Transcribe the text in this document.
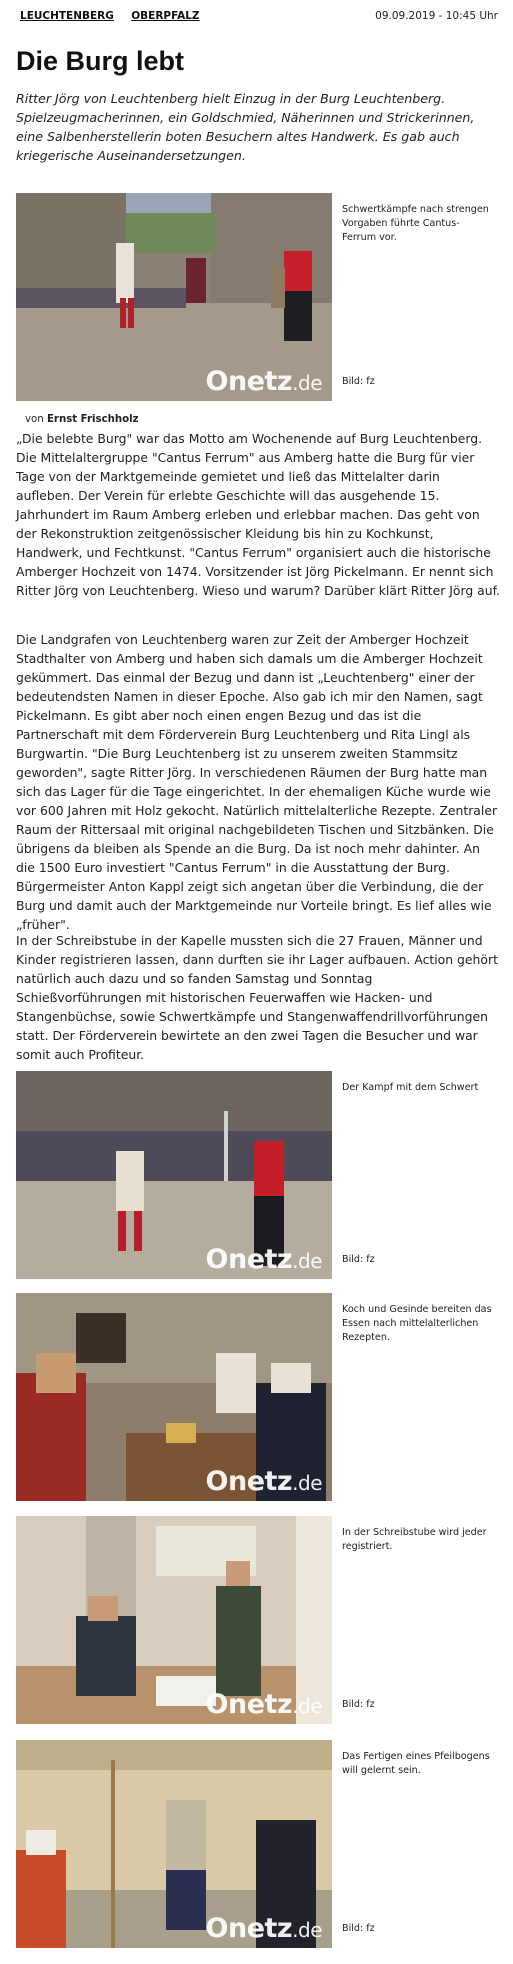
LEUCHTENBERG OBERPFALZ	09.09.2019 - 10:45 Uhr
Die Burg lebt

Ritter Jörg von Leuchtenberg hielt Einzug in der Burg Leuchtenberg. Spielzeugmacherinnen, ein Goldschmied, Näherinnen und Strickerinnen, eine Salbenherstellerin boten Besuchern altes Handwerk. Es gab auch kriegerische Auseinandersetzungen.

Onetz.de
Schwertkämpfe nach strengen Vorgaben führte Cantus-Ferrum vor.
Bild: fz
von Ernst Frischholz

„Die belebte Burg" war das Motto am Wochenende auf Burg Leuchtenberg. Die Mittelaltergruppe "Cantus Ferrum" aus Amberg hatte die Burg für vier Tage von der Marktgemeinde gemietet und ließ das Mittelalter darin aufleben. Der Verein für erlebte Geschichte will das ausgehende 15. Jahrhundert im Raum Amberg erleben und erlebbar machen. Das geht von der Rekonstruktion zeitgenössischer Kleidung bis hin zu Kochkunst, Handwerk, und Fechtkunst. "Cantus Ferrum" organisiert auch die historische Amberger Hochzeit von 1474. Vorsitzender ist Jörg Pickelmann. Er nennt sich Ritter Jörg von Leuchtenberg. Wieso und warum? Darüber klärt Ritter Jörg auf.

Die Landgrafen von Leuchtenberg waren zur Zeit der Amberger Hochzeit Stadthalter von Amberg und haben sich damals um die Amberger Hochzeit gekümmert. Das einmal der Bezug und dann ist „Leuchtenberg" einer der bedeutendsten Namen in dieser Epoche. Also gab ich mir den Namen, sagt Pickelmann. Es gibt aber noch einen engen Bezug und das ist die Partnerschaft mit dem Förderverein Burg Leuchtenberg und Rita Lingl als Burgwartin. "Die Burg Leuchtenberg ist zu unserem zweiten Stammsitz geworden", sagte Ritter Jörg. In verschiedenen Räumen der Burg hatte man sich das Lager für die Tage eingerichtet. In der ehemaligen Küche wurde wie vor 600 Jahren mit Holz gekocht. Natürlich mittelalterliche Rezepte. Zentraler Raum der Rittersaal mit original nachgebildeten Tischen und Sitzbänken. Die übrigens da bleiben als Spende an die Burg. Da ist noch mehr dahinter. An die 1500 Euro investiert "Cantus Ferrum" in die Ausstattung der Burg. Bürgermeister Anton Kappl zeigt sich angetan über die Verbindung, die der Burg und damit auch der Marktgemeinde nur Vorteile bringt. Es lief alles wie „früher".

In der Schreibstube in der Kapelle mussten sich die 27 Frauen, Männer und Kinder registrieren lassen, dann durften sie ihr Lager aufbauen. Action gehört natürlich auch dazu und so fanden Samstag und Sonntag Schießvorführungen mit historischen Feuerwaffen wie Hacken- und Stangenbüchse, sowie Schwertkämpfe und Stangenwaffendrillvorführungen statt. Der Förderverein bewirtete an den zwei Tagen die Besucher und war somit auch Profiteur.

Onetz.de
Der Kampf mit dem Schwert
Bild: fz
Onetz.de
Koch und Gesinde bereiten das Essen nach mittelalterlichen Rezepten.
Onetz.de
In der Schreibstube wird jeder registriert.
Bild: fz
Onetz.de
Das Fertigen eines Pfeilbogens will gelernt sein.
Bild: fz
